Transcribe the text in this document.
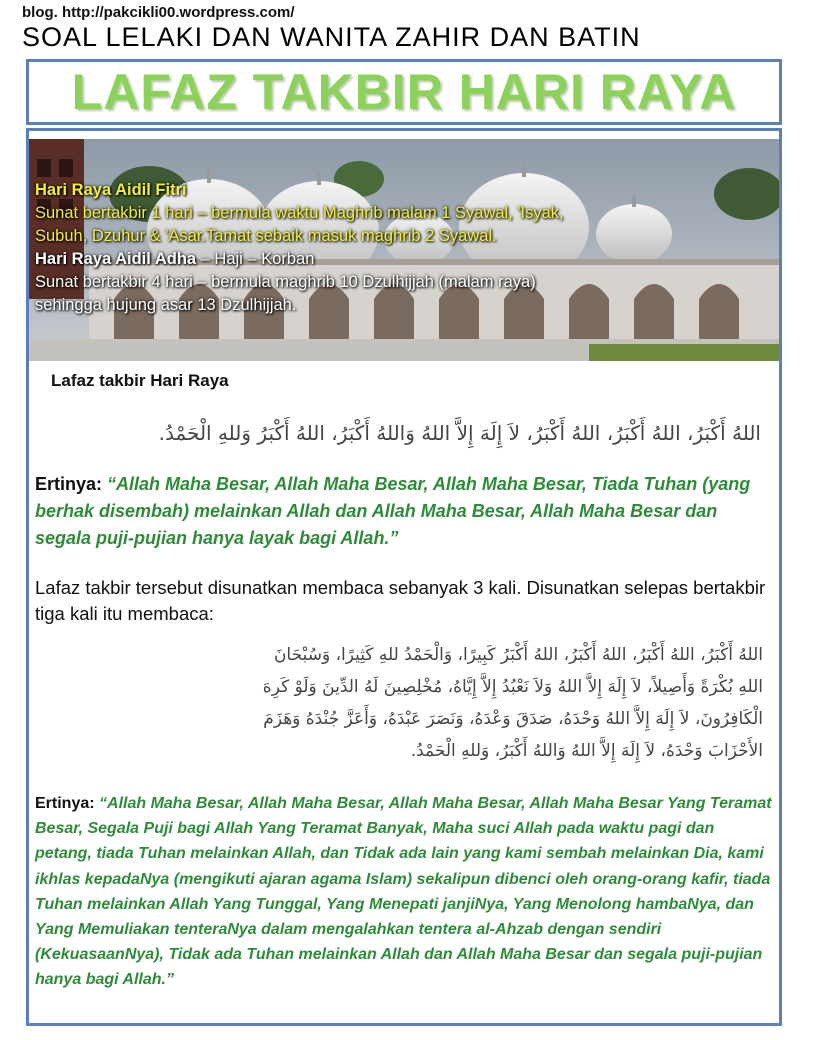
blog. http://pakcikli00.wordpress.com/
SOAL LELAKI DAN WANITA ZAHIR DAN BATIN
LAFAZ TAKBIR HARI RAYA
Hari Raya Aidil Fitri
Sunat bertakbir 1 hari – bermula waktu Maghrib malam 1 Syawal, 'Isyak,
Subuh, Dzuhur & 'Asar.Tamat sebaik masuk maghrib 2 Syawal.
Hari Raya Aidil Adha – Haji – Korban
Sunat bertakbir 4 hari – bermula maghrib 10 Dzulhijjah (malam raya)
sehingga hujung asar 13 Dzulhijjah.
Lafaz takbir Hari Raya
اللهُ أَكْبَرُ، اللهُ أَكْبَرُ، اللهُ أَكْبَرُ، لاَ إِلَهَ إِلاَّ اللهُ وَاللهُ أَكْبَرُ، اللهُ أَكْبَرُ وَللهِ الْحَمْدُ.
Ertinya: “Allah Maha Besar, Allah Maha Besar, Allah Maha Besar, Tiada Tuhan (yang berhak disembah) melainkan Allah dan Allah Maha Besar, Allah Maha Besar dan segala puji-pujian hanya layak bagi Allah.”
Lafaz takbir tersebut disunatkan membaca sebanyak 3 kali. Disunatkan selepas bertakbir tiga kali itu membaca:
اللهُ أَكْبَرُ، اللهُ أَكْبَرُ، اللهُ أَكْبَرُ، اللهُ أَكْبَرُ كَبِيرًا، وَالْحَمْدُ للهِ كَثِيرًا، وَسُبْحَانَ
اللهِ بُكْرَةً وَأَصِيلاً، لاَ إِلَهَ إِلاَّ اللهُ وَلاَ نَعْبُدُ إِلاَّ إِيَّاهُ، مُخْلِصِينَ لَهُ الدِّينَ وَلَوْ كَرِهَ
الْكَافِرُونَ، لاَ إِلَهَ إِلاَّ اللهُ وَحْدَهُ، صَدَقَ وَعْدَهُ، وَنَصَرَ عَبْدَهُ، وَأَعَزَّ جُنْدَهُ وَهَزَمَ
الأَحْزَابَ وَحْدَهُ، لاَ إِلَهَ إِلاَّ اللهُ وَاللهُ أَكْبَرُ، وَللهِ الْحَمْدُ.
Ertinya: “Allah Maha Besar, Allah Maha Besar, Allah Maha Besar, Allah Maha Besar Yang Teramat Besar, Segala Puji bagi Allah Yang Teramat Banyak, Maha suci Allah pada waktu pagi dan petang, tiada Tuhan melainkan Allah, dan Tidak ada lain yang kami sembah melainkan Dia, kami ikhlas kepadaNya (mengikuti ajaran agama Islam) sekalipun dibenci oleh orang-orang kafir, tiada Tuhan melainkan Allah Yang Tunggal, Yang Menepati janjiNya, Yang Menolong hambaNya, dan Yang Memuliakan tenteraNya dalam mengalahkan tentera al-Ahzab dengan sendiri (KekuasaanNya), Tidak ada Tuhan melainkan Allah dan Allah Maha Besar dan segala puji-pujian hanya bagi Allah.”
